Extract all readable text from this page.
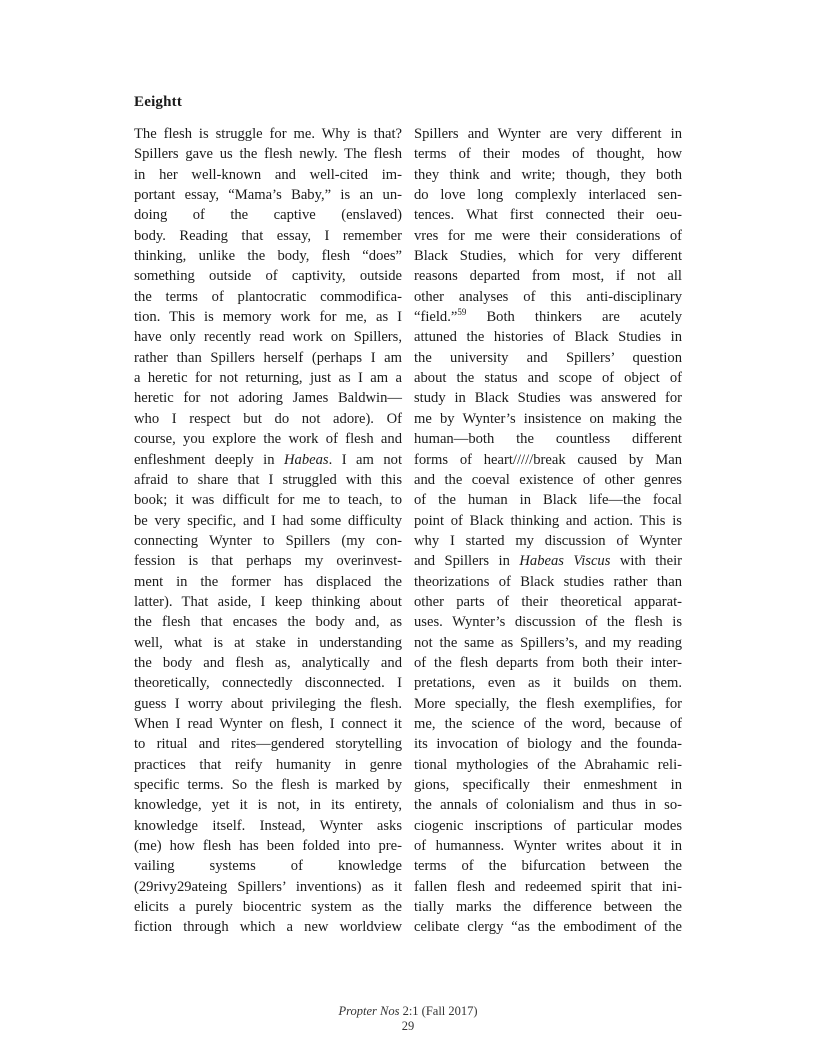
Eeightt
The flesh is struggle for me. Why is that?
Spillers gave us the flesh newly. The flesh
in her well-known and well-cited im-
portant essay, “Mama’s Baby,” is an un-
doing of the captive (enslaved)
body. Reading that essay, I remember
thinking, unlike the body, flesh “does”
something outside of captivity, outside
the terms of plantocratic commodifica-
tion. This is memory work for me, as I
have only recently read work on Spillers,
rather than Spillers herself (perhaps I am
a heretic for not returning, just as I am a
heretic for not adoring James Baldwin—
who I respect but do not adore). Of
course, you explore the work of flesh and
enfleshment deeply in Habeas. I am not
afraid to share that I struggled with this
book; it was difficult for me to teach, to
be very specific, and I had some difficulty
connecting Wynter to Spillers (my con-
fession is that perhaps my overinvest-
ment in the former has displaced the
latter). That aside, I keep thinking about
the flesh that encases the body and, as
well, what is at stake in understanding
the body and flesh as, analytically and
theoretically, connectedly disconnected. I
guess I worry about privileging the flesh.
When I read Wynter on flesh, I connect it
to ritual and rites—gendered storytelling
practices that reify humanity in genre
specific terms. So the flesh is marked by
knowledge, yet it is not, in its entirety,
knowledge itself. Instead, Wynter asks
(me) how flesh has been folded into pre-
vailing systems of knowledge
(29rivy29ateing Spillers’ inventions) as it
elicits a purely biocentric system as the
fiction through which a new worldview
Spillers and Wynter are very different in
terms of their modes of thought, how
they think and write; though, they both
do love long complexly interlaced sen-
tences. What first connected their oeu-
vres for me were their considerations of
Black Studies, which for very different
reasons departed from most, if not all
other analyses of this anti-disciplinary
“field.”$^{59}$ Both thinkers are acutely
attuned the histories of Black Studies in
the university and Spillers’ question
about the status and scope of object of
study in Black Studies was answered for
me by Wynter’s insistence on making the
human—both the countless different
forms of heart/////break caused by Man
and the coeval existence of other genres
of the human in Black life—the focal
point of Black thinking and action. This is
why I started my discussion of Wynter
and Spillers in Habeas Viscus with their
theorizations of Black studies rather than
other parts of their theoretical apparat-
uses. Wynter’s discussion of the flesh is
not the same as Spillers’s, and my reading
of the flesh departs from both their inter-
pretations, even as it builds on them.
More specially, the flesh exemplifies, for
me, the science of the word, because of
its invocation of biology and the founda-
tional mythologies of the Abrahamic reli-
gions, specifically their enmeshment in
the annals of colonialism and thus in so-
ciogenic inscriptions of particular modes
of humanness. Wynter writes about it in
terms of the bifurcation between the
fallen flesh and redeemed spirit that ini-
tially marks the difference between the
celibate clergy “as the embodiment of the
Propter Nos 2:1 (Fall 2017)
29
